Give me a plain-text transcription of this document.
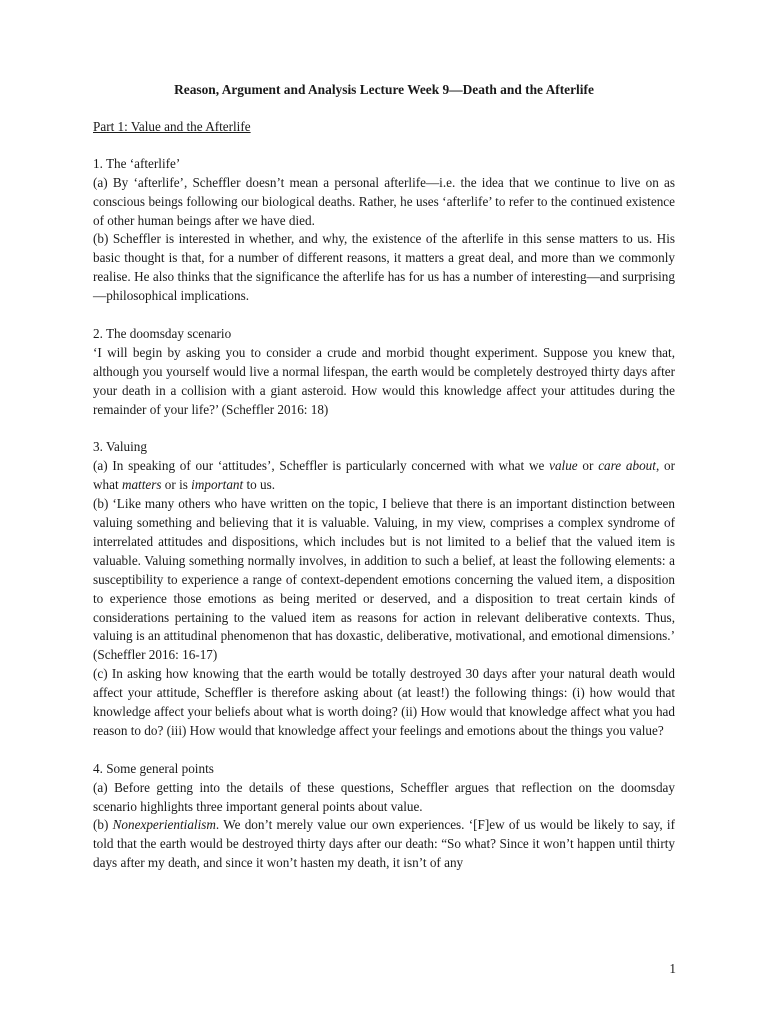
Reason, Argument and Analysis Lecture Week 9—Death and the Afterlife
Part 1: Value and the Afterlife
1. The ‘afterlife’
(a) By ‘afterlife’, Scheffler doesn’t mean a personal afterlife—i.e. the idea that we continue to live on as conscious beings following our biological deaths. Rather, he uses ‘afterlife’ to refer to the continued existence of other human beings after we have died.
(b) Scheffler is interested in whether, and why, the existence of the afterlife in this sense matters to us. His basic thought is that, for a number of different reasons, it matters a great deal, and more than we commonly realise. He also thinks that the significance the afterlife has for us has a number of interesting—and surprising—philosophical implications.
2. The doomsday scenario
‘I will begin by asking you to consider a crude and morbid thought experiment. Suppose you knew that, although you yourself would live a normal lifespan, the earth would be completely destroyed thirty days after your death in a collision with a giant asteroid. How would this knowledge affect your attitudes during the remainder of your life?’ (Scheffler 2016: 18)
3. Valuing
(a) In speaking of our ‘attitudes’, Scheffler is particularly concerned with what we value or care about, or what matters or is important to us.
(b) ‘Like many others who have written on the topic, I believe that there is an important distinction between valuing something and believing that it is valuable. Valuing, in my view, comprises a complex syndrome of interrelated attitudes and dispositions, which includes but is not limited to a belief that the valued item is valuable. Valuing something normally involves, in addition to such a belief, at least the following elements: a susceptibility to experience a range of context-dependent emotions concerning the valued item, a disposition to experience those emotions as being merited or deserved, and a disposition to treat certain kinds of considerations pertaining to the valued item as reasons for action in relevant deliberative contexts. Thus, valuing is an attitudinal phenomenon that has doxastic, deliberative, motivational, and emotional dimensions.’ (Scheffler 2016: 16-17)
(c) In asking how knowing that the earth would be totally destroyed 30 days after your natural death would affect your attitude, Scheffler is therefore asking about (at least!) the following things: (i) how would that knowledge affect your beliefs about what is worth doing? (ii) How would that knowledge affect what you had reason to do? (iii) How would that knowledge affect your feelings and emotions about the things you value?
4. Some general points
(a) Before getting into the details of these questions, Scheffler argues that reflection on the doomsday scenario highlights three important general points about value.
(b) Nonexperientialism. We don’t merely value our own experiences. ‘[F]ew of us would be likely to say, if told that the earth would be destroyed thirty days after our death: “So what? Since it won’t happen until thirty days after my death, and since it won’t hasten my death, it isn’t of any
1
